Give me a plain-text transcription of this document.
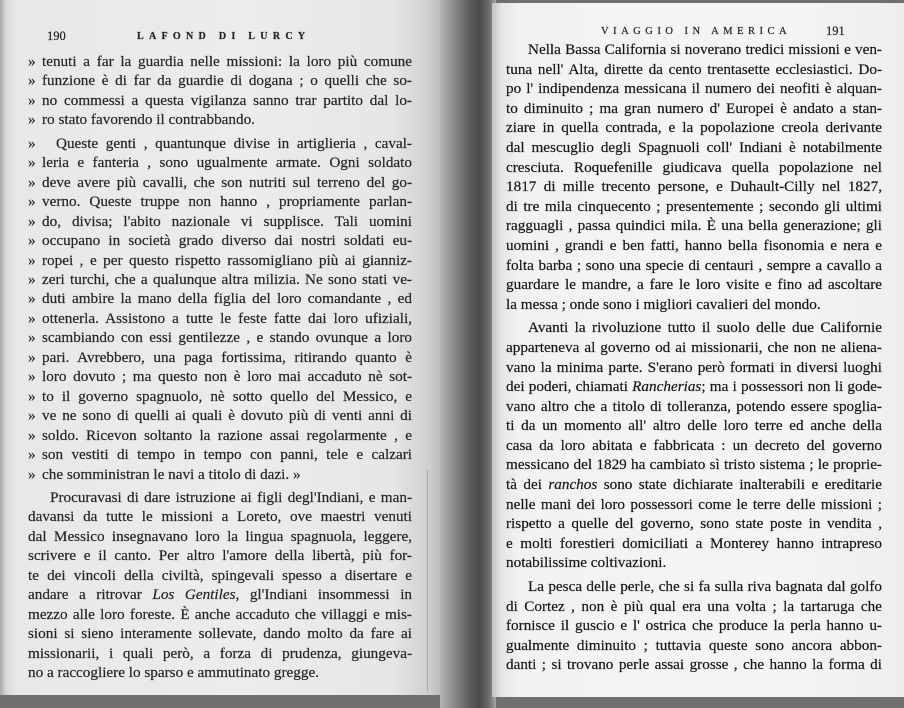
190	LAFOND DI LURCY	VIAGGIO IN AMERICA	191
» tenuti a far la guardia nelle missioni: la loro più comune
» funzione è di far da guardie di dogana ; o quelli che so-
» no commessi a questa vigilanza sanno trar partito dal lo-
» ro stato favorendo il contrabbando.
»	Queste genti , quantunque divise in artiglieria , caval-
» leria e fanteria , sono ugualmente armate. Ogni soldato
» deve avere più cavalli, che son nutriti sul terreno del go-
» verno. Queste truppe non hanno , propriamente parlan-
» do, divisa; l'abito nazionale vi supplisce. Tali uomini
» occupano in società grado diverso dai nostri soldati eu-
» ropei , e per questo rispetto rassomigliano più ai gianniz-
» zeri turchi, che a qualunque altra milizia. Ne sono stati ve-
» duti ambire la mano della figlia del loro comandante , ed
» ottenerla. Assistono a tutte le feste fatte dai loro ufiziali,
» scambiando con essi gentilezze , e stando ovunque a loro
» pari. Avrebbero, una paga fortissima, ritirando quanto è
» loro dovuto ; ma questo non è loro mai accaduto nè sot-
» to il governo spagnuolo, nè sotto quello del Messico, e
» ve ne sono di quelli ai quali è dovuto più di venti anni di
» soldo. Ricevon soltanto la razione assai regolarmente , e
» son vestiti di tempo in tempo con panni, tele e calzari
» che somministran le navi a titolo di dazi. »
Procuravasi di dare istruzione ai figli degl'Indiani, e man-
davansi da tutte le missioni a Loreto, ove maestri venuti
dal Messico insegnavano loro la lingua spagnuola, leggere,
scrivere e il canto. Per altro l'amore della libertà, più for-
te dei vincoli della civiltà, spingevali spesso a disertare e
andare a ritrovar Los Gentiles, gl'Indiani insommessi in
mezzo alle loro foreste. È anche accaduto che villaggi e mis-
sioni si sieno interamente sollevate, dando molto da fare ai
missionarii, i quali però, a forza di prudenza, giungeva-
no a raccogliere lo sparso e ammutinato gregge.
Nella Bassa California si noverano tredici missioni e ven-
tuna nell' Alta, dirette da cento trentasette ecclesiastici. Do-
po l' indipendenza messicana il numero dei neofiti è alquan-
to diminuito ; ma gran numero d' Europei è andato a stan-
ziare in quella contrada, e la popolazione creola derivante
dal mescuglio degli Spagnuoli coll' Indiani è notabilmente
cresciuta. Roquefenille giudicava quella popolazione nel
1817 di mille trecento persone, e Duhault-Cilly nel 1827,
di tre mila cinquecento ; presentemente ; secondo gli ultimi
ragguagli , passa quindici mila. È una bella generazione; gli
uomini , grandi e ben fatti, hanno bella fisonomia e nera e
folta barba ; sono una specie di centauri , sempre a cavallo a
guardare le mandre, a fare le loro visite e fino ad ascoltare
la messa ; onde sono i migliori cavalieri del mondo.
Avanti la rivoluzione tutto il suolo delle due Californie
apparteneva al governo od ai missionarii, che non ne aliena-
vano la minima parte. S'erano però formati in diversi luoghi
dei poderi, chiamati Rancherias; ma i possessori non li gode-
vano altro che a titolo di tolleranza, potendo essere spoglia-
ti da un momento all' altro delle loro terre ed anche della
casa da loro abitata e fabbricata : un decreto del governo
messicano del 1829 ha cambiato sì tristo sistema ; le proprie-
tà dei ranchos sono state dichiarate inalterabili e ereditarie
nelle mani dei loro possessori come le terre delle missioni ;
rispetto a quelle del governo, sono state poste in vendita ,
e molti forestieri domiciliati a Monterey hanno intrapreso
notabilissime coltivazioni.
La pesca delle perle, che si fa sulla riva bagnata dal golfo
di Cortez , non è più qual era una volta ; la tartaruga che
fornisce il guscio e l' ostrica che produce la perla hanno u-
gualmente diminuito ; tuttavia queste sono ancora abbon-
danti ; si trovano perle assai grosse , che hanno la forma di
